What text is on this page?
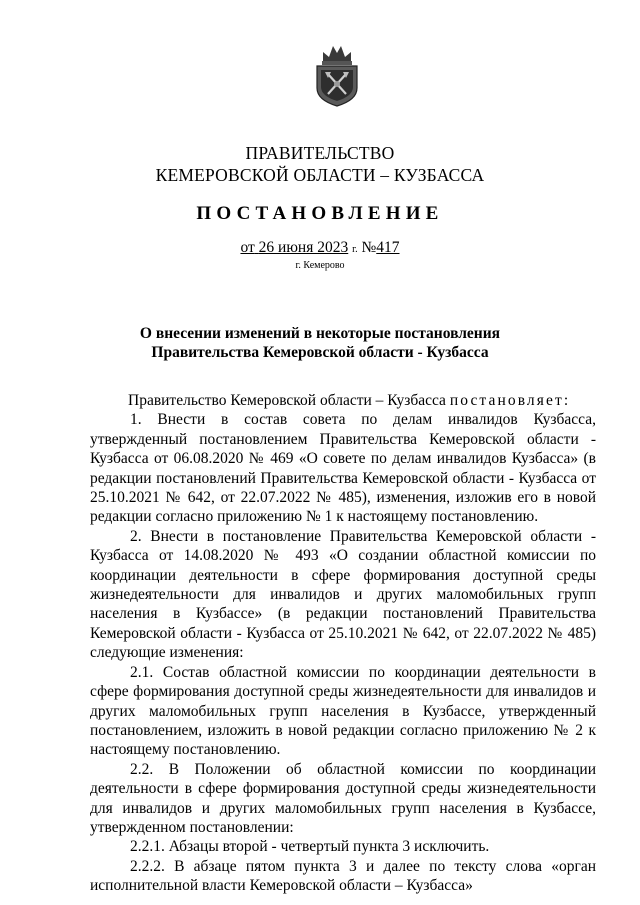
ПРАВИТЕЛЬСТВО
КЕМЕРОВСКОЙ ОБЛАСТИ – КУЗБАССА
ПОСТАНОВЛЕНИЕ
от 26 июня 2023 г. №417
г. Кемерово
О внесении изменений в некоторые постановления
Правительства Кемеровской области - Кузбасса

Правительство Кемеровской области – Кузбасса постановляет:

1. Внести в состав совета по делам инвалидов Кузбасса, утвержденный постановлением Правительства Кемеровской области - Кузбасса от 06.08.2020 № 469 «О совете по делам инвалидов Кузбасса» (в редакции постановлений Правительства Кемеровской области - Кузбасса от 25.10.2021 № 642, от 22.07.2022 № 485), изменения, изложив его в новой редакции согласно приложению № 1 к настоящему постановлению.

2. Внести в постановление Правительства Кемеровской области - Кузбасса от 14.08.2020 № 493 «О создании областной комиссии по координации деятельности в сфере формирования доступной среды жизнедеятельности для инвалидов и других маломобильных групп населения в Кузбассе» (в редакции постановлений Правительства Кемеровской области - Кузбасса от 25.10.2021 № 642, от 22.07.2022 № 485) следующие изменения:

2.1. Состав областной комиссии по координации деятельности в сфере формирования доступной среды жизнедеятельности для инвалидов и других маломобильных групп населения в Кузбассе, утвержденный постановлением, изложить в новой редакции согласно приложению № 2 к настоящему постановлению.

2.2. В Положении об областной комиссии по координации деятельности в сфере формирования доступной среды жизнедеятельности для инвалидов и других маломобильных групп населения в Кузбассе, утвержденном постановлении:

2.2.1. Абзацы второй - четвертый пункта 3 исключить.

2.2.2. В абзаце пятом пункта 3 и далее по тексту слова «орган исполнительной власти Кемеровской области – Кузбасса»
